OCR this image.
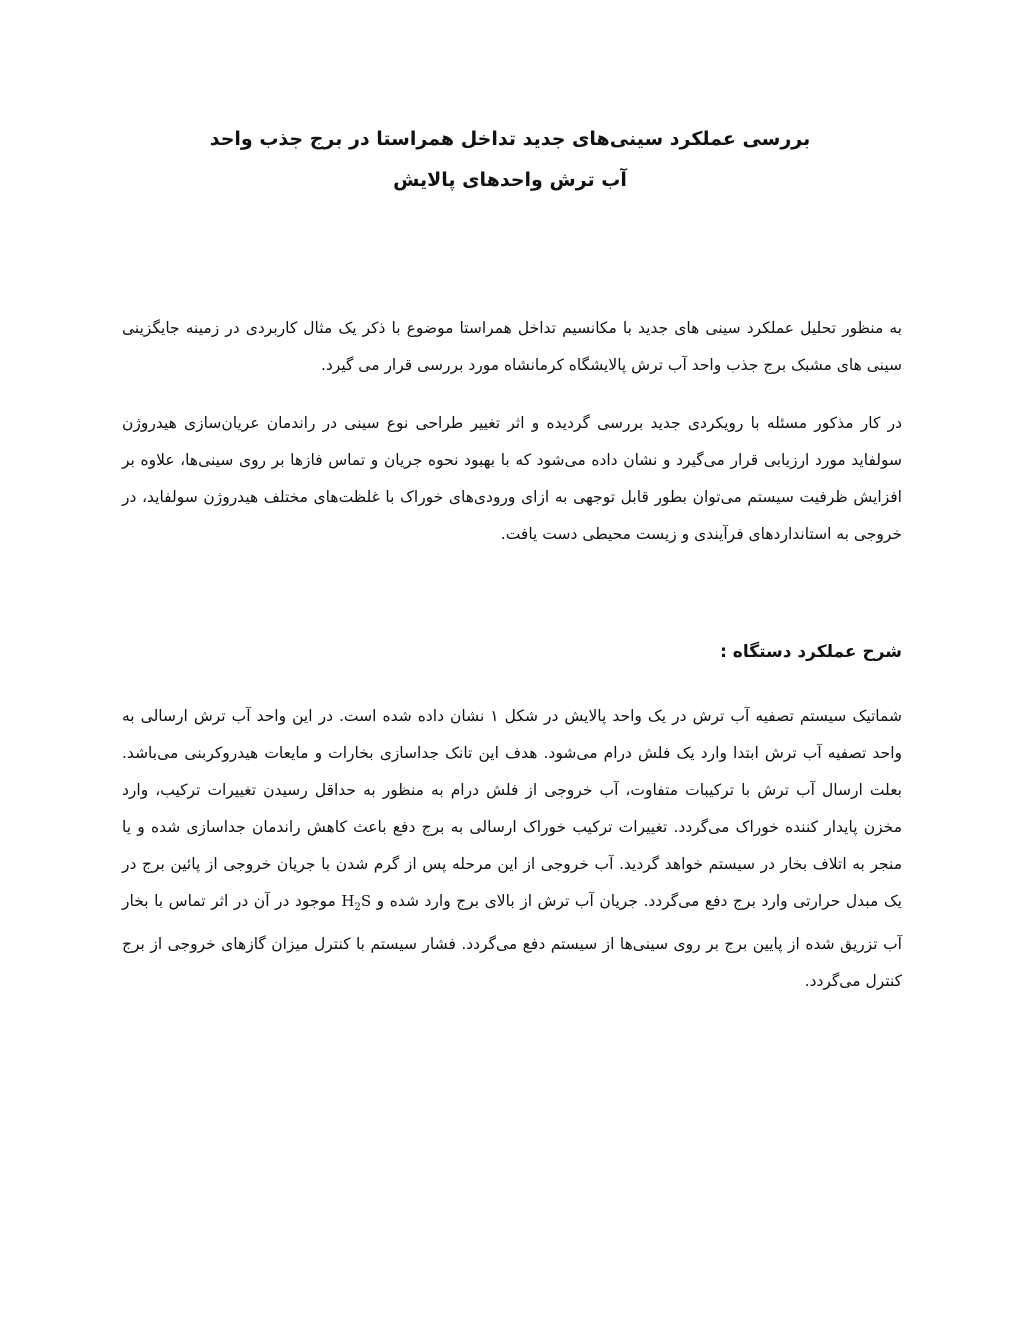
بررسی عملکرد سینی‌های جدید تداخل همراستا در برج جذب واحد
آب ترش واحدهای پالایش

به منظور تحلیل عملکرد سینی های جدید با مکانسیم تداخل همراستا موضوع با ذکر یک مثال کاربردی در زمینه جایگزینی سینی های مشبک برج جذب واحد آب ترش پالایشگاه کرمانشاه مورد بررسی قرار می گیرد.

در کار مذکور مسئله با رویکردی جدید بررسی گردیده و اثر تغییر طراحی نوع سینی در راندمان عریان‌سازی هیدروژن سولفاید مورد ارزیابی قرار می‌گیرد و نشان داده می‌شود که با بهبود نحوه جریان و تماس فازها بر روی سینی‌ها، علاوه بر افزایش ظرفیت سیستم می‌توان بطور قابل توجهی به ازای ورودی‌های خوراک با غلظت‌های مختلف هیدروژن سولفاید، در خروجی به استانداردهای فرآیندی و زیست محیطی دست یافت.

شرح عملکرد دستگاه :

شماتیک سیستم تصفیه آب ترش در یک واحد پالایش در شکل ۱ نشان داده شده است. در این واحد آب ترش ارسالی به واحد تصفیه آب ترش ابتدا وارد یک فلش درام می‌شود. هدف این تانک جداسازی بخارات و مایعات هیدروکربنی می‌باشد. بعلت ارسال آب ترش با ترکیبات متفاوت، آب خروجی از فلش درام به منظور به حداقل رسیدن تغییرات ترکیب، وارد مخزن پایدار کننده خوراک می‌گردد. تغییرات ترکیب خوراک ارسالی به برج دفع باعث کاهش راندمان جداسازی شده و یا منجر به اتلاف بخار در سیستم خواهد گردید. آب خروجی از این مرحله پس از گرم شدن با جریان خروجی از پائین برج در یک مبدل حرارتی وارد برج دفع می‌گردد. جریان آب ترش از بالای برج وارد شده و $H_2S$ موجود در آن در اثر تماس با بخار آب تزریق شده از پایین برج بر روی سینی‌ها از سیستم دفع می‌گردد. فشار سیستم با کنترل میزان گازهای خروجی از برج کنترل می‌گردد.
